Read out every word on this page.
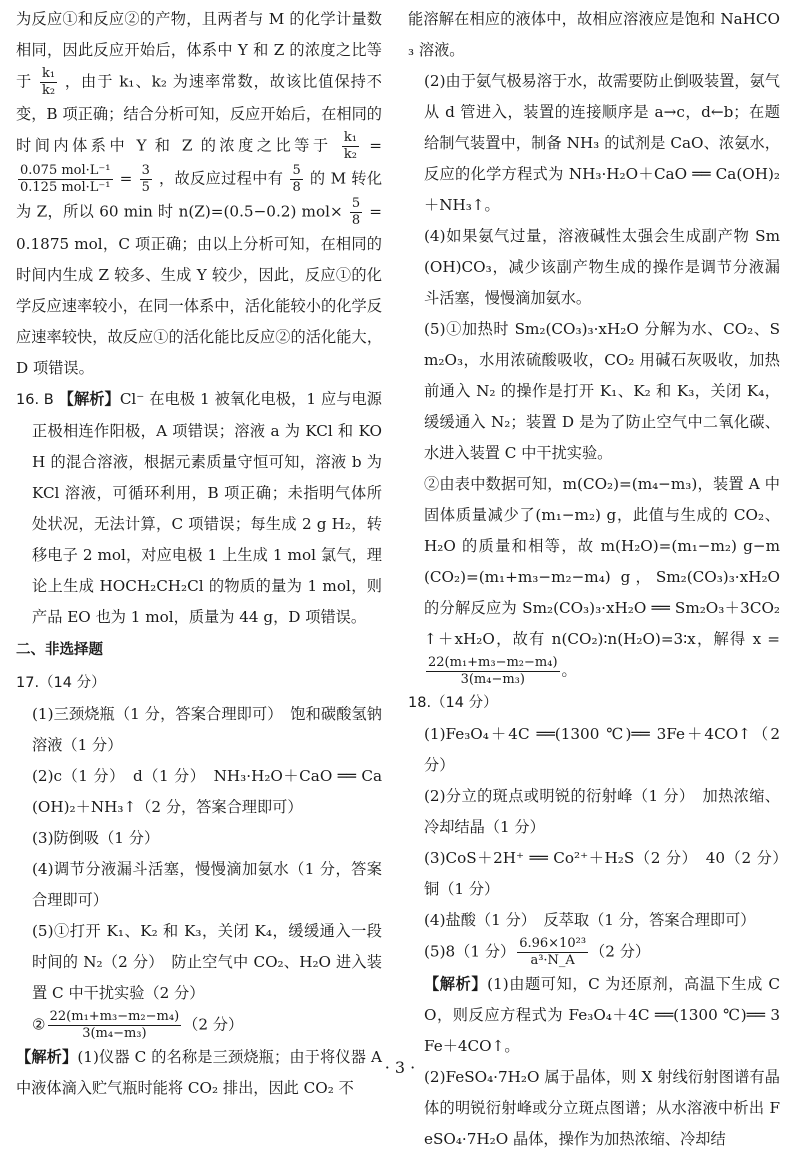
为反应①和反应②的产物，且两者与 M 的化学计量数相同，因此反应开始后，体系中 Y 和 Z 的浓度之比等于 $\frac{\text{k₁}}{\text{k₂}}$ ，由于 k₁、k₂ 为速率常数，故该比值保持不变，B 项正确；结合分析可知，反应开始后，在相同的时间内体系中 Y 和 Z 的浓度之比等于 $\frac{\text{k₁}}{\text{k₂}}$ =
$\frac{\text{0.075 mol·L⁻¹}}{\text{0.125 mol·L⁻¹}} = \frac{3}{5}$ ，故反应过程中有 $\frac{5}{8}$ 的 M 转化为 Z，所以 60 min 时 n(Z)=(0.5−0.2) $mol\times \frac{5}{8} =0.1875$ mol，C 项正确；由以上分析可知，在相同的时间内生成 Z 较多、生成 Y 较少，因此，反应①的化学反应速率较小，在同一体系中，活化能较小的化学反应速率较快，故反应①的活化能比反应②的活化能大，D 项错误。

16. B 【解析】Cl⁻ 在电极 1 被氧化电极，1 应与电源正极相连作阳极，A 项错误；溶液 a 为 KCl 和 KOH 的混合溶液，根据元素质量守恒可知，溶液 b 为 KCl 溶液，可循环利用，B 项正确；未指明气体所处状况，无法计算，C 项错误；每生成 2 g H₂，转移电子 2 mol，对应电极 1 上生成 1 mol 氯气，理论上生成 HOCH₂CH₂Cl 的物质的量为 1 mol，则产品 EO 也为 1 mol，质量为 44 g，D 项错误。

二、非选择题

17.（14 分）

(1)三颈烧瓶（1 分，答案合理即可）　饱和碳酸氢钠溶液（1 分）

(2)c（1 分）　d（1 分）　NH₃·H₂O＋CaO ══ Ca(OH)₂＋NH₃↑（2 分，答案合理即可）

(3)防倒吸（1 分）

(4)调节分液漏斗活塞，慢慢滴加氨水（1 分，答案合理即可）

(5)①打开 K₁、K₂ 和 K₃，关闭 K₄，缓缓通入一段时间的 N₂（2 分）　防止空气中 CO₂、H₂O 进入装置 C 中干扰实验（2 分）

② $\frac{\text{22(m₁+m₃−m₂−m₄)}}{\text{3(m₄−m₃)}} (2$ 分）

【解析】(1)仪器 C 的名称是三颈烧瓶；由于将仪器 A 中液体滴入贮气瓶时能将 CO₂ 排出，因此 CO₂ 不

能溶解在相应的液体中，故相应溶液应是饱和 NaHCO₃ 溶液。

(2)由于氨气极易溶于水，故需要防止倒吸装置，氨气从 d 管进入，装置的连接顺序是 a→c，d←b；在题给制气装置中，制备 NH₃ 的试剂是 CaO、浓氨水，反应的化学方程式为 NH₃·H₂O＋CaO ══ Ca(OH)₂＋NH₃↑。

(4)如果氨气过量，溶液碱性太强会生成副产物 Sm(OH)CO₃，减少该副产物生成的操作是调节分液漏斗活塞，慢慢滴加氨水。

(5)①加热时 Sm₂(CO₃)₃·xH₂O 分解为水、CO₂、Sm₂O₃，水用浓硫酸吸收，CO₂ 用碱石灰吸收，加热前通入 N₂ 的操作是打开 K₁、K₂ 和 K₃，关闭 K₄，缓缓通入 N₂；装置 D 是为了防止空气中二氧化碳、水进入装置 C 中干扰实验。

②由表中数据可知，m(CO₂)=(m₄−m₃)，装置 A 中固体质量减少了(m₁−m₂) g，此值与生成的 CO₂、H₂O 的质量和相等，故 m(H₂O)=(m₁−m₂) g−m(CO₂)=(m₁+m₃−m₂−m₄) g，Sm₂(CO₃)₃·xH₂O 的分解反应为 Sm₂(CO₃)₃·xH₂O ══ Sm₂O₃＋3CO₂↑＋xH₂O，故有 n(CO₂)∶n(H₂O)=3∶x，解得 x =
$\frac{\text{22(m₁+m₃−m₂−m₄)}}{\text{3(m₄−m₃)}}$ 。

18.（14 分）

(1)Fe₃O₄＋4C ══(1300 ℃)══ 3Fe＋4CO↑（2 分）

(2)分立的斑点或明锐的衍射峰（1 分）　加热浓缩、冷却结晶（1 分）

(3)CoS＋2H⁺ ══ Co²⁺＋H₂S（2 分）　40（2 分）　铜（1 分）

(4)盐酸（1 分）　反萃取（1 分，答案合理即可）

(5)8（1 分） $\frac{\text{6.96×10²³}}{\text{a³·N\_A}} (2$ 分）

【解析】(1)由题可知，C 为还原剂，高温下生成 CO，则反应方程式为 Fe₃O₄＋4C ══(1300 ℃)══ 3Fe＋4CO↑。

(2)FeSO₄·7H₂O 属于晶体，则 X 射线衍射图谱有晶体的明锐衍射峰或分立斑点图谱；从水溶液中析出 FeSO₄·7H₂O 晶体，操作为加热浓缩、冷却结

· 3 ·
